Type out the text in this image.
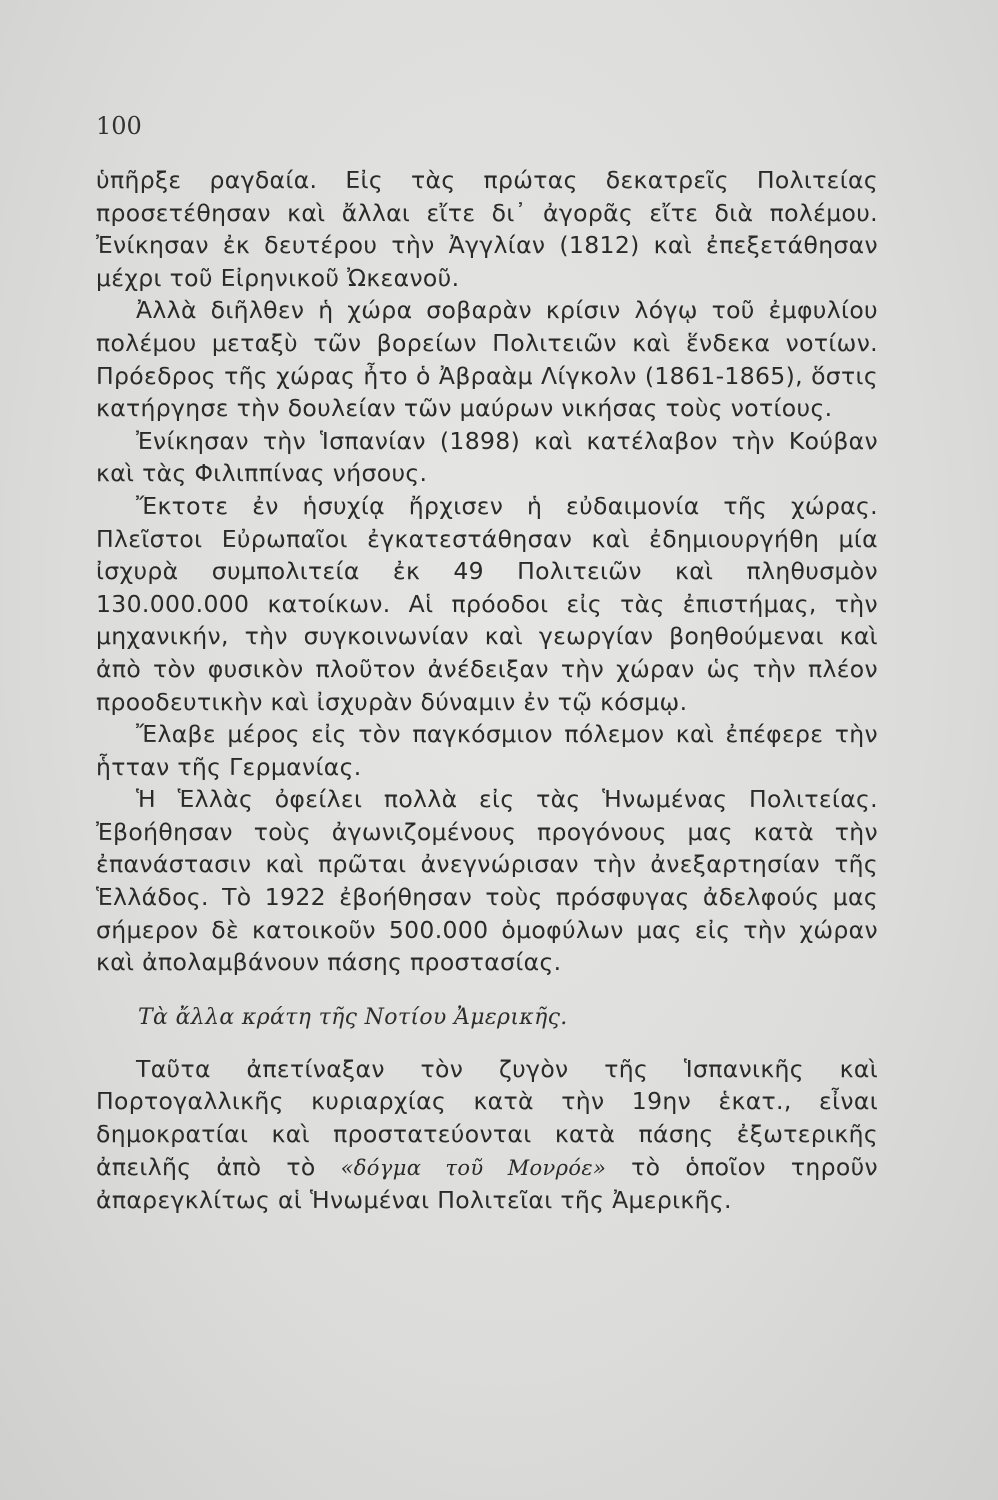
100

ὑπῆρξε ραγδαία. Εἰς τὰς πρώτας δεκατρεῖς Πολιτείας προσετέθησαν καὶ ἄλλαι εἴτε δι᾿ ἀγορᾶς εἴτε διὰ πολέμου. Ἐνίκησαν ἐκ δευτέρου τὴν Ἀγγλίαν (1812) καὶ ἐπεξετάθησαν μέχρι τοῦ Εἰρηνικοῦ Ὠκεανοῦ.

Ἀλλὰ διῆλθεν ἡ χώρα σοβαρὰν κρίσιν λόγῳ τοῦ ἐμφυλίου πολέμου μεταξὺ τῶν βορείων Πολιτειῶν καὶ ἕνδεκα νοτίων. Πρόεδρος τῆς χώρας ἦτο ὁ Ἀβραὰμ Λίγκολν (1861-1865), ὅστις κατήργησε τὴν δουλείαν τῶν μαύρων νικήσας τοὺς νοτίους.

Ἐνίκησαν τὴν Ἱσπανίαν (1898) καὶ κατέλαβον τὴν Κούβαν καὶ τὰς Φιλιππίνας νήσους.

Ἔκτοτε ἐν ἡσυχίᾳ ἤρχισεν ἡ εὐδαιμονία τῆς χώρας. Πλεῖστοι Εὐρωπαῖοι ἐγκατεστάθησαν καὶ ἐδημιουργήθη μία ἰσχυρὰ συμπολιτεία ἐκ 49 Πολιτειῶν καὶ πληθυσμὸν 130.000.000 κατοίκων. Αἱ πρόοδοι εἰς τὰς ἐπιστήμας, τὴν μηχανικήν, τὴν συγκοινωνίαν καὶ γεωργίαν βοηθούμεναι καὶ ἀπὸ τὸν φυσικὸν πλοῦτον ἀνέδειξαν τὴν χώραν ὡς τὴν πλέον προοδευτικὴν καὶ ἰσχυρὰν δύναμιν ἐν τῷ κόσμῳ.

Ἔλαβε μέρος εἰς τὸν παγκόσμιον πόλεμον καὶ ἐπέφερε τὴν ἧτταν τῆς Γερμανίας.

Ἡ Ἑλλὰς ὀφείλει πολλὰ εἰς τὰς Ἡνωμένας Πολιτείας. Ἐβοήθησαν τοὺς ἀγωνιζομένους προγόνους μας κατὰ τὴν ἐπανάστασιν καὶ πρῶται ἀνεγνώρισαν τὴν ἀνεξαρτησίαν τῆς Ἑλλάδος. Τὸ 1922 ἐβοήθησαν τοὺς πρόσφυγας ἀδελφούς μας σήμερον δὲ κατοικοῦν 500.000 ὁμοφύλων μας εἰς τὴν χώραν καὶ ἀπολαμβάνουν πάσης προστασίας.

Τὰ ἄλλα κράτη τῆς Νοτίου Ἀμερικῆς.

Ταῦτα ἀπετίναξαν τὸν ζυγὸν τῆς Ἱσπανικῆς καὶ Πορτογαλλικῆς κυριαρχίας κατὰ τὴν 19ην ἑκατ., εἶναι δημοκρατίαι καὶ προστατεύονται κατὰ πάσης ἐξωτερικῆς ἀπειλῆς ἀπὸ τὸ «δόγμα τοῦ Μονρόε» τὸ ὁποῖον τηροῦν ἀπαρεγκλίτως αἱ Ἡνωμέναι Πολιτεῖαι τῆς Ἀμερικῆς.
